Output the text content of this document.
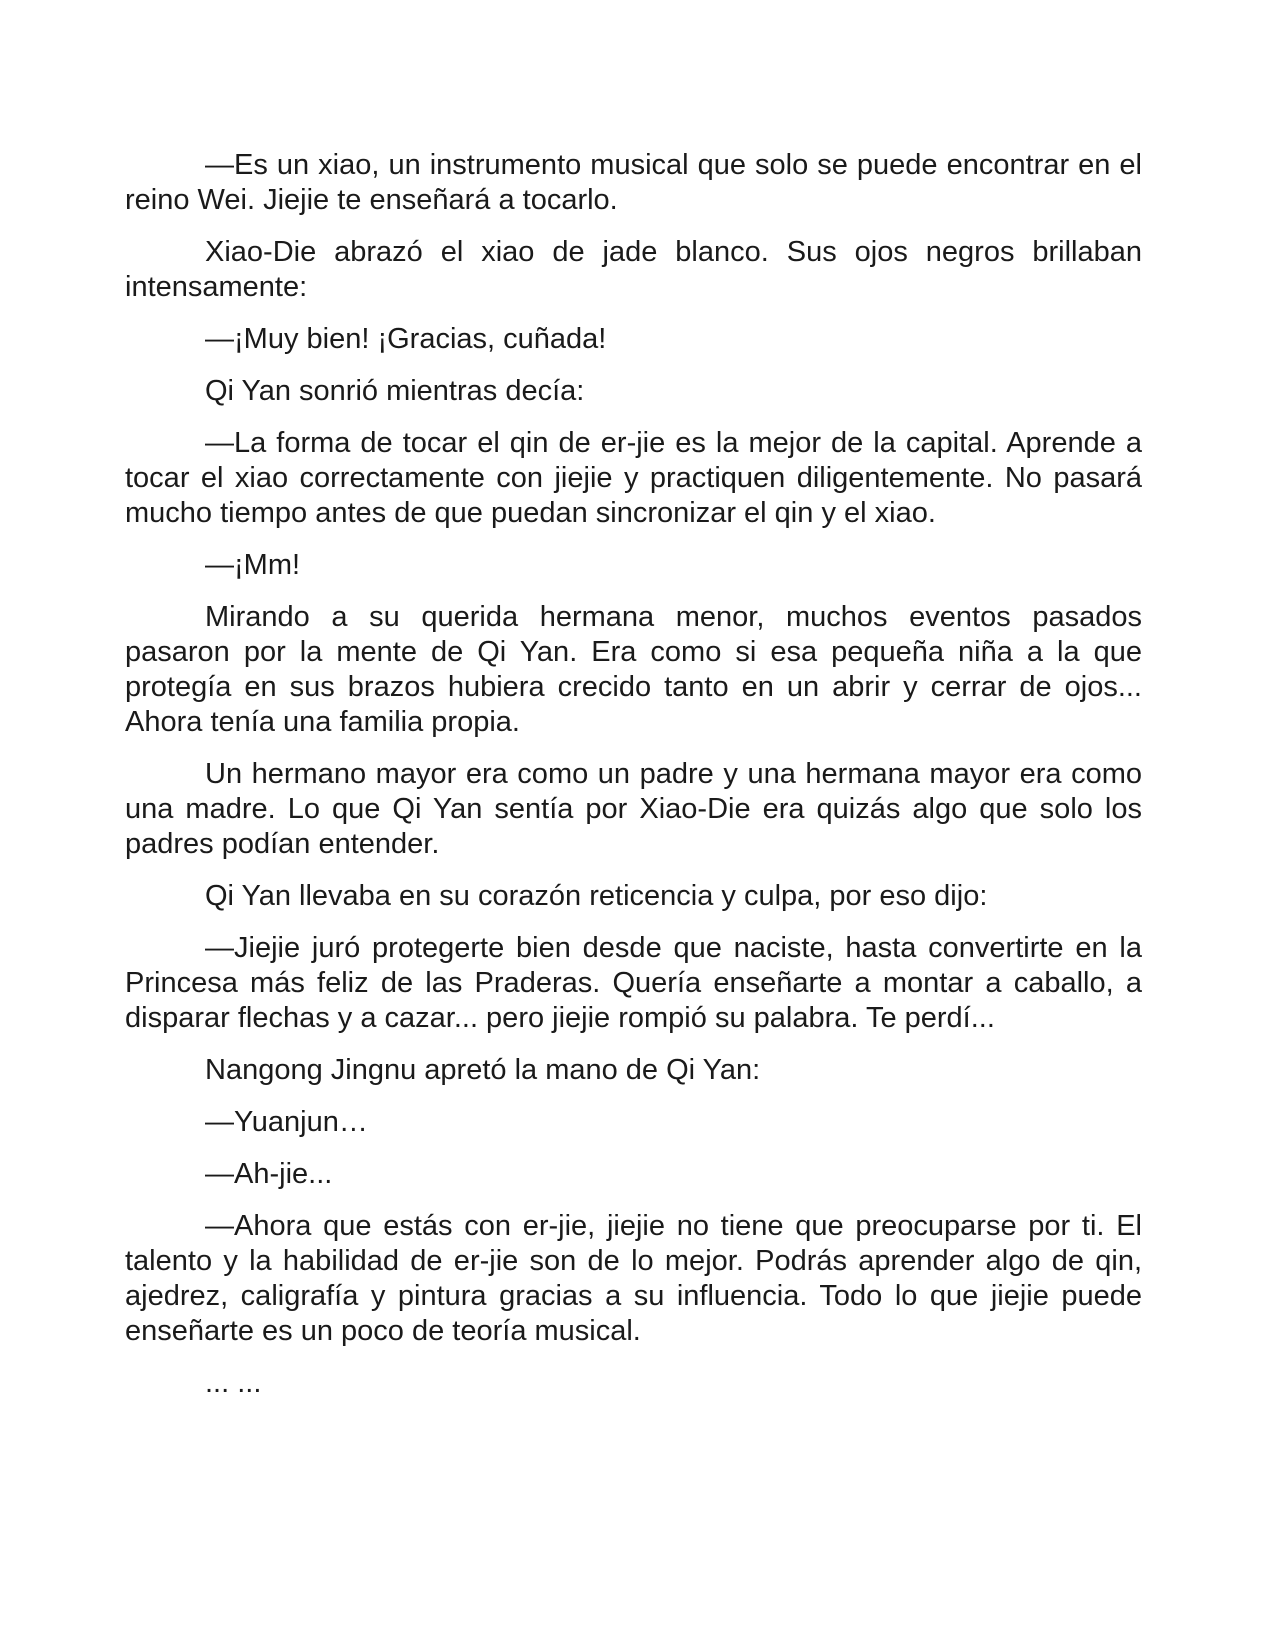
—Es un xiao, un instrumento musical que solo se puede encontrar en el reino Wei. Jiejie te enseñará a tocarlo.

Xiao-Die abrazó el xiao de jade blanco. Sus ojos negros brillaban intensamente:

—¡Muy bien! ¡Gracias, cuñada!

Qi Yan sonrió mientras decía:

—La forma de tocar el qin de er-jie es la mejor de la capital. Aprende a tocar el xiao correctamente con jiejie y practiquen diligentemente. No pasará mucho tiempo antes de que puedan sincronizar el qin y el xiao.

—¡Mm!

Mirando a su querida hermana menor, muchos eventos pasados pasaron por la mente de Qi Yan. Era como si esa pequeña niña a la que protegía en sus brazos hubiera crecido tanto en un abrir y cerrar de ojos... Ahora tenía una familia propia.

Un hermano mayor era como un padre y una hermana mayor era como una madre. Lo que Qi Yan sentía por Xiao-Die era quizás algo que solo los padres podían entender.

Qi Yan llevaba en su corazón reticencia y culpa, por eso dijo:

—Jiejie juró protegerte bien desde que naciste, hasta convertirte en la Princesa más feliz de las Praderas. Quería enseñarte a montar a caballo, a disparar flechas y a cazar... pero jiejie rompió su palabra. Te perdí...

Nangong Jingnu apretó la mano de Qi Yan:

—Yuanjun…

—Ah-jie...

—Ahora que estás con er-jie, jiejie no tiene que preocuparse por ti. El talento y la habilidad de er-jie son de lo mejor. Podrás aprender algo de qin, ajedrez, caligrafía y pintura gracias a su influencia. Todo lo que jiejie puede enseñarte es un poco de teoría musical.

... ...
